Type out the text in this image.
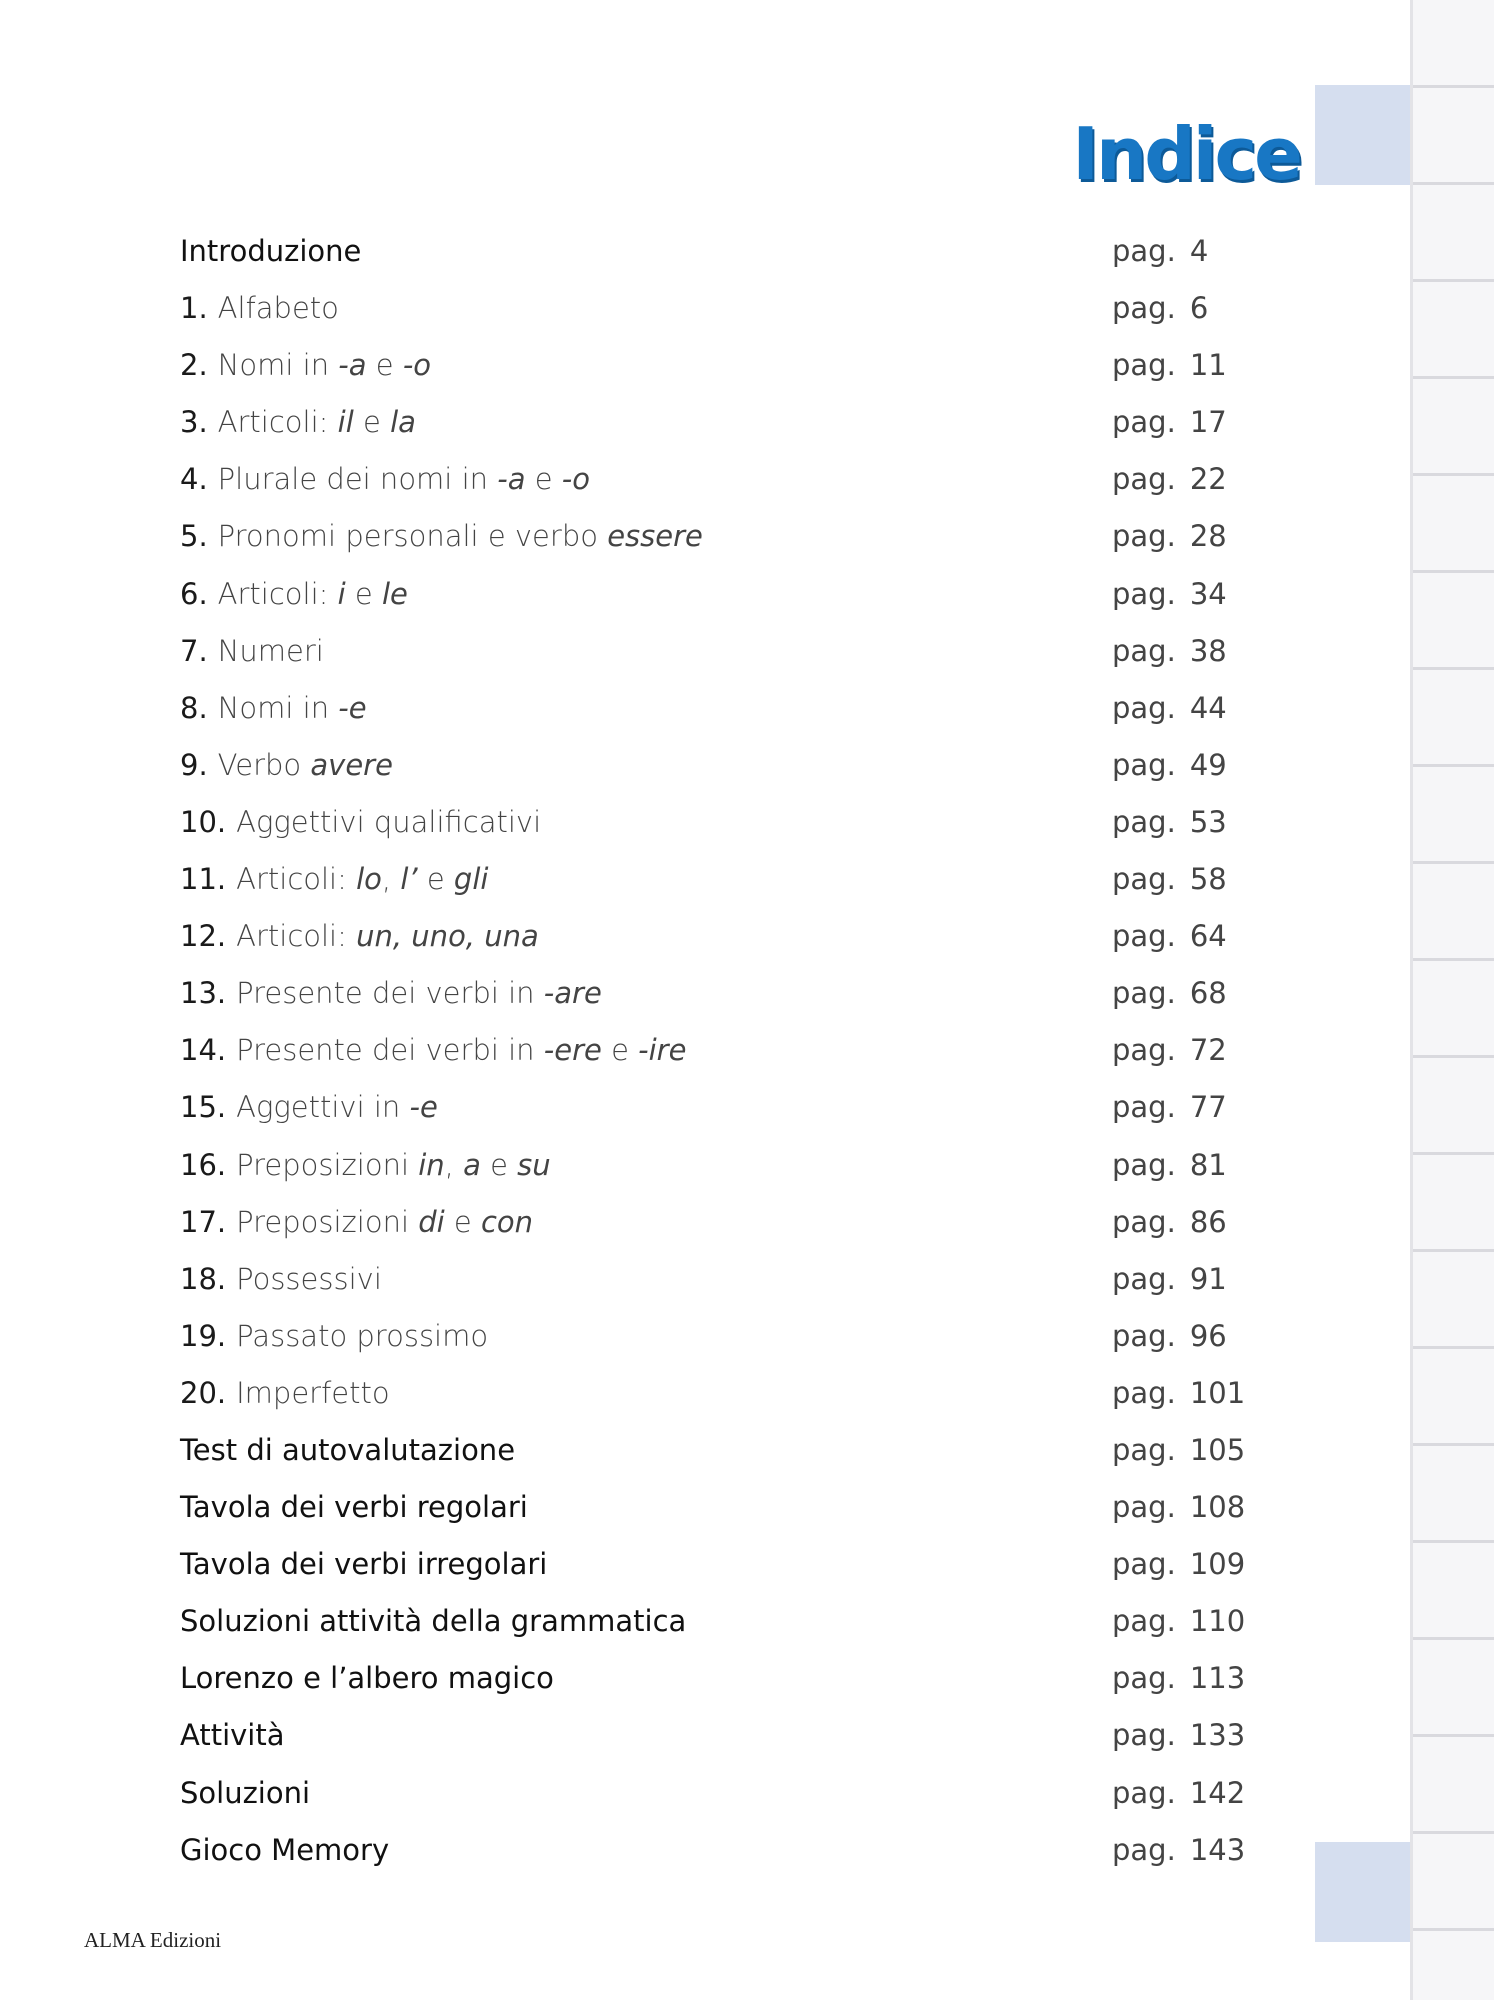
Indice
Introduzione	pag. 4
1. Alfabeto	pag. 6
2. Nomi in -a e -o	pag. 11
3. Articoli: il e la	pag. 17
4. Plurale dei nomi in -a e -o	pag. 22
5. Pronomi personali e verbo essere	pag. 28
6. Articoli: i e le	pag. 34
7. Numeri	pag. 38
8. Nomi in -e	pag. 44
9. Verbo avere	pag. 49
10. Aggettivi qualificativi	pag. 53
11. Articoli: lo, l’ e gli	pag. 58
12. Articoli: un, uno, una	pag. 64
13. Presente dei verbi in -are	pag. 68
14. Presente dei verbi in -ere e -ire	pag. 72
15. Aggettivi in -e	pag. 77
16. Preposizioni in, a e su	pag. 81
17. Preposizioni di e con	pag. 86
18. Possessivi	pag. 91
19. Passato prossimo	pag. 96
20. Imperfetto	pag. 101
Test di autovalutazione	pag. 105
Tavola dei verbi regolari	pag. 108
Tavola dei verbi irregolari	pag. 109
Soluzioni attività della grammatica	pag. 110
Lorenzo e l’albero magico	pag. 113
Attività	pag. 133
Soluzioni	pag. 142
Gioco Memory	pag. 143
ALMA Edizioni
